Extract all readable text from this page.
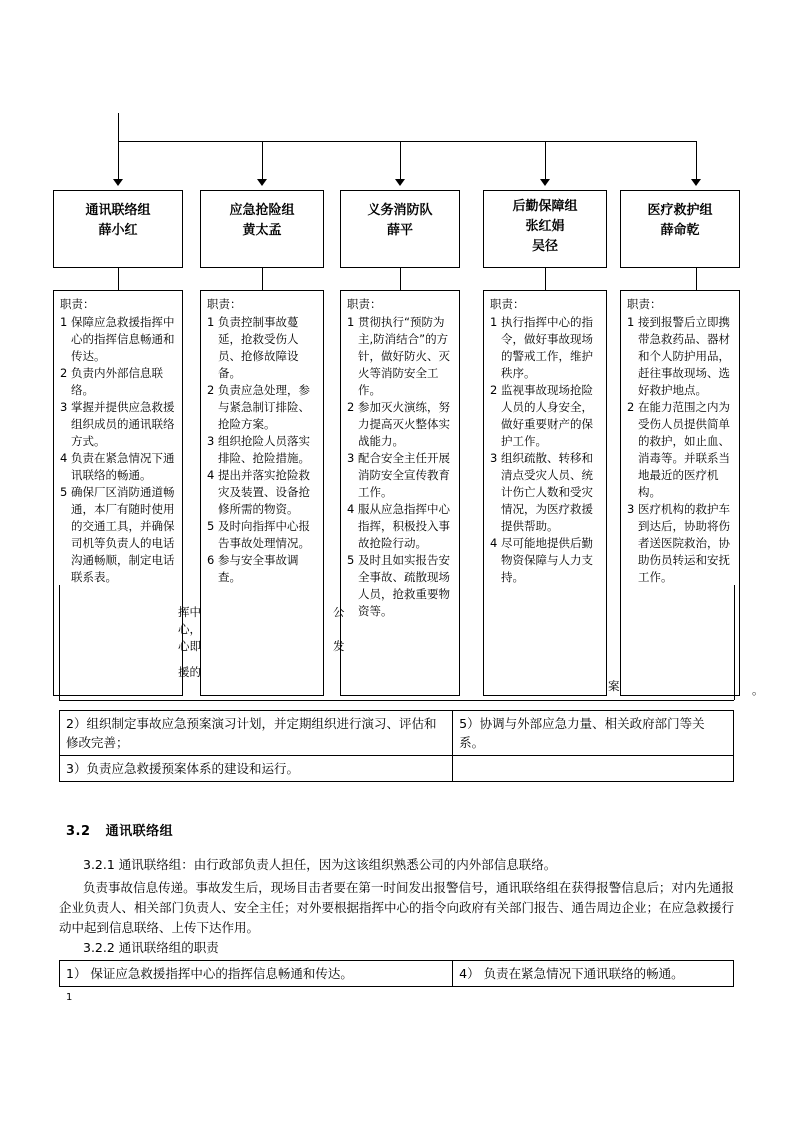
通讯联络组
薛小红
应急抢险组
黄太孟
义务消防队
薛平
后勤保障组
张红娟
吴径
医疗救护组
薛命乾
挥中
心，
心即
援的
公
发
案	。
职责：
1 保障应急救援指挥中心的指挥信息畅通和传达。
2 负责内外部信息联络。
3 掌握并提供应急救援组织成员的通讯联络方式。
4 负责在紧急情况下通讯联络的畅通。
5 确保厂区消防通道畅通，本厂有随时使用的交通工具，并确保司机等负责人的电话沟通畅顺，制定电话联系表。
职责：
1 负责控制事故蔓延，抢救受伤人员、抢修故障设备。
2 负责应急处理，参与紧急制订排险、抢险方案。
3 组织抢险人员落实排险、抢险措施。
4 提出并落实抢险救灾及装置、设备抢修所需的物资。
5 及时向指挥中心报告事故处理情况。
6 参与安全事故调查。
职责：
1 贯彻执行“预防为主,防消结合”的方针，做好防火、灭火等消防安全工作。
2 参加灭火演练，努力提高灭火整体实战能力。
3 配合安全主任开展消防安全宣传教育工作。
4 服从应急指挥中心指挥，积极投入事故抢险行动。
5 及时且如实报告安全事故、疏散现场人员，抢救重要物资等。
职责：
1 执行指挥中心的指令，做好事故现场的警戒工作，维护秩序。
2 监视事故现场抢险人员的人身安全，做好重要财产的保护工作。
3 组织疏散、转移和清点受灾人员、统计伤亡人数和受灾情况，为医疗救援提供帮助。
4 尽可能地提供后勤物资保障与人力支持。
职责：
1 接到报警后立即携带急救药品、器材和个人防护用品，赶往事故现场、选好救护地点。
2 在能力范围之内为受伤人员提供简单的救护，如止血、消毒等。并联系当地最近的医疗机构。
3 医疗机构的救护车到达后，协助将伤者送医院救治，协助伤员转运和安抚工作。
2）组织制定事故应急预案演习计划，并定期组织进行演习、评估和修改完善；	5）协调与外部应急力量、相关政府部门等关系。
3）负责应急救援预案体系的建设和运行。	
3.2 通讯联络组
3.2.1 通讯联络组：由行政部负责人担任，因为这该组织熟悉公司的内外部信息联络。
负责事故信息传递。事故发生后，现场目击者要在第一时间发出报警信号，通讯联络组在获得报警信息后；对内先通报企业负责人、相关部门负责人、安全主任；对外要根据指挥中心的指令向政府有关部门报告、通告周边企业；在应急救援行动中起到信息联络、上传下达作用。
3.2.2 通讯联络组的职责
1） 保证应急救援指挥中心的指挥信息畅通和传达。	4） 负责在紧急情况下通讯联络的畅通。
1
